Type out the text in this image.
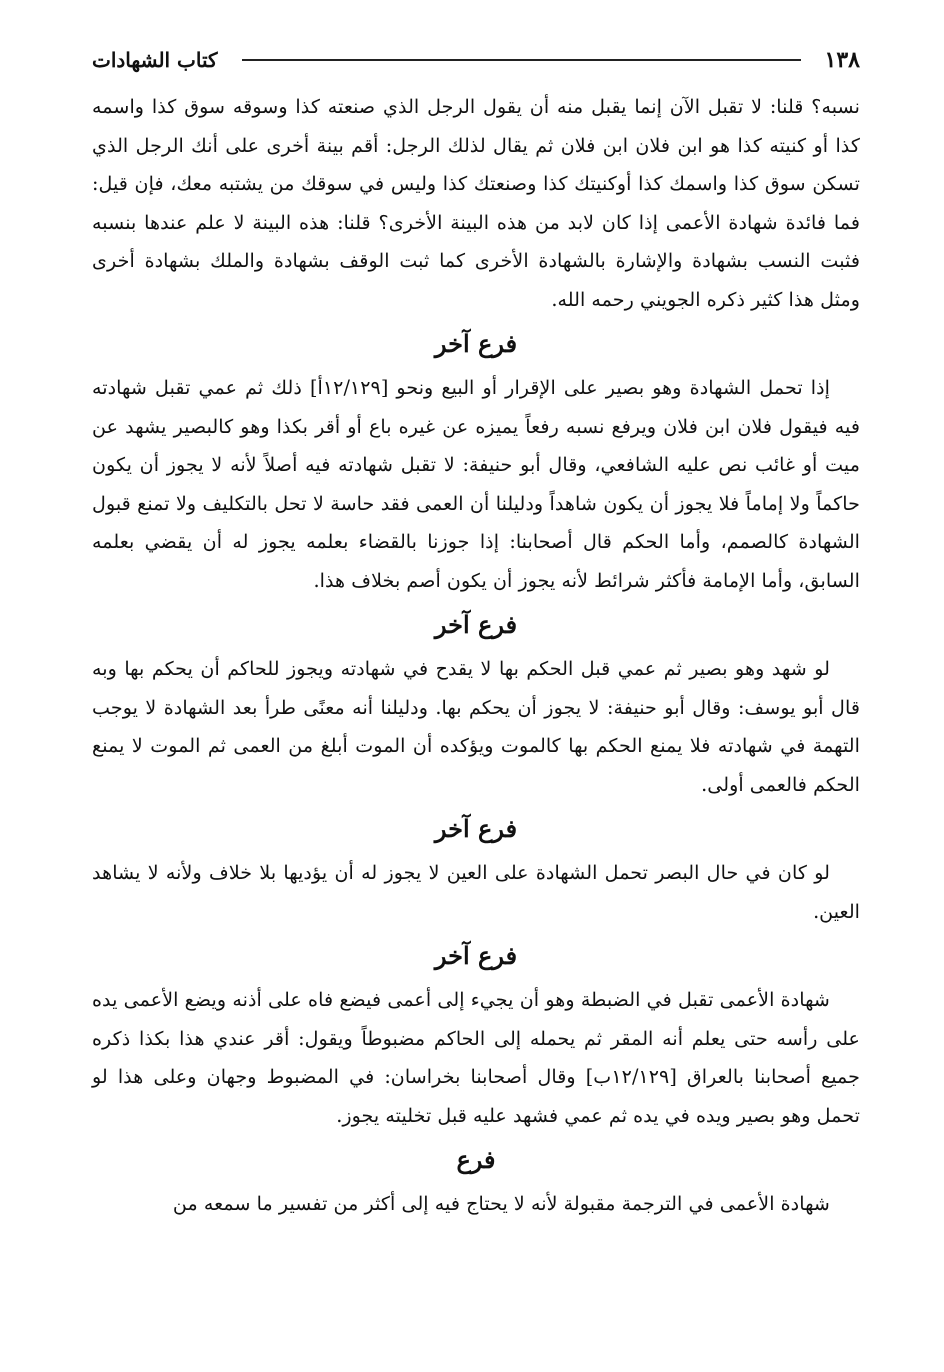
١٣٨
كتاب الشهادات

نسبه؟ قلنا: لا تقبل الآن إنما يقبل منه أن يقول الرجل الذي صنعته كذا وسوقه سوق كذا واسمه كذا أو كنيته كذا هو ابن فلان ابن فلان ثم يقال لذلك الرجل: أقم بينة أخرى على أنك الرجل الذي تسكن سوق كذا واسمك كذا أوكنيتك كذا وصنعتك كذا وليس في سوقك من يشتبه معك، فإن قيل: فما فائدة شهادة الأعمى إذا كان لابد من هذه البينة الأخرى؟ قلنا: هذه البينة لا علم عندها بنسبه فثبت النسب بشهادة والإشارة بالشهادة الأخرى كما ثبت الوقف بشهادة والملك بشهادة أخرى ومثل هذا كثير ذكره الجويني رحمه الله.

فرع آخر

إذا تحمل الشهادة وهو بصير على الإقرار أو البيع ونحو [١٢/١٢٩أ] ذلك ثم عمي تقبل شهادته فيه فيقول فلان ابن فلان ويرفع نسبه رفعاً يميزه عن غيره باع أو أقر بكذا وهو كالبصير يشهد عن ميت أو غائب نص عليه الشافعي، وقال أبو حنيفة: لا تقبل شهادته فيه أصلاً لأنه لا يجوز أن يكون حاكماً ولا إماماً فلا يجوز أن يكون شاهداً ودليلنا أن العمى فقد حاسة لا تحل بالتكليف ولا تمنع قبول الشهادة كالصمم، وأما الحكم قال أصحابنا: إذا جوزنا بالقضاء بعلمه يجوز له أن يقضي بعلمه السابق، وأما الإمامة فأكثر شرائط لأنه يجوز أن يكون أصم بخلاف هذا.

فرع آخر

لو شهد وهو بصير ثم عمي قبل الحكم بها لا يقدح في شهادته ويجوز للحاكم أن يحكم بها وبه قال أبو يوسف: وقال أبو حنيفة: لا يجوز أن يحكم بها. ودليلنا أنه معنًى طرأ بعد الشهادة لا يوجب التهمة في شهادته فلا يمنع الحكم بها كالموت ويؤكده أن الموت أبلغ من العمى ثم الموت لا يمنع الحكم فالعمى أولى.

فرع آخر

لو كان في حال البصر تحمل الشهادة على العين لا يجوز له أن يؤديها بلا خلاف ولأنه لا يشاهد العين.

فرع آخر

شهادة الأعمى تقبل في الضبطة وهو أن يجيء إلى أعمى فيضع فاه على أذنه ويضع الأعمى يده على رأسه حتى يعلم أنه المقر ثم يحمله إلى الحاكم مضبوطاً ويقول: أقر عندي هذا بكذا ذكره جميع أصحابنا بالعراق [١٢/١٢٩ب] وقال أصحابنا بخراسان: في المضبوط وجهان وعلى هذا لو تحمل وهو بصير ويده في يده ثم عمي فشهد عليه قبل تخليته يجوز.

فرع

شهادة الأعمى في الترجمة مقبولة لأنه لا يحتاج فيه إلى أكثر من تفسير ما سمعه من
